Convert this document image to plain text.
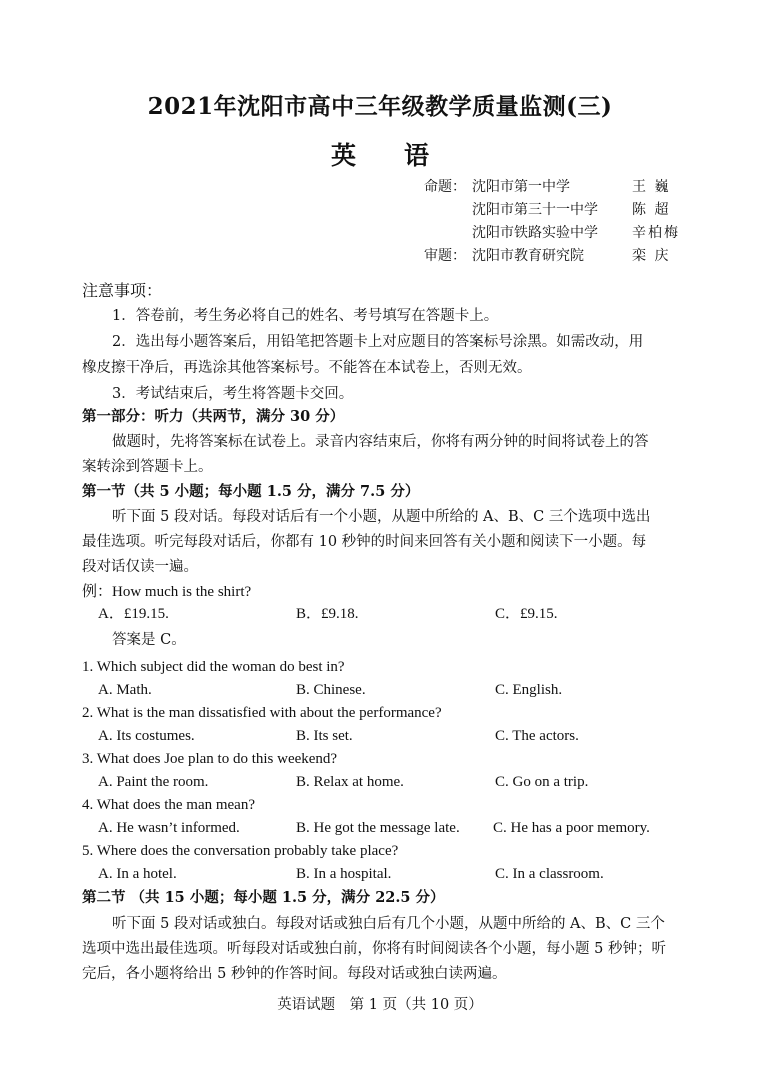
2021年沈阳市高中三年级教学质量监测(三)
英语
命题： 沈阳市第一中学	王 巍
沈阳市第三十一中学 陈 超
沈阳市铁路实验中学 辛柏梅
审题： 沈阳市教育研究院	栾 庆
注意事项：
1．答卷前，考生务必将自己的姓名、考号填写在答题卡上。
2．选出每小题答案后，用铅笔把答题卡上对应题目的答案标号涂黑。如需改动，用
橡皮擦干净后，再选涂其他答案标号。不能答在本试卷上，否则无效。
3．考试结束后，考生将答题卡交回。
第一部分：听力（共两节，满分 30 分）
做题时，先将答案标在试卷上。录音内容结束后，你将有两分钟的时间将试卷上的答
案转涂到答题卡上。
第一节（共 5 小题；每小题 1.5 分，满分 7.5 分）
听下面 5 段对话。每段对话后有一个小题，从题中所给的 A、B、C 三个选项中选出
最佳选项。听完每段对话后，你都有 10 秒钟的时间来回答有关小题和阅读下一小题。每
段对话仅读一遍。
例：How much is the shirt?
A．£19.15.	B．£9.18.	C．£9.15.
答案是 C。
1. Which subject did the woman do best in?
A. Math.	B. Chinese.	C. English.
2. What is the man dissatisfied with about the performance?
A. Its costumes.	B. Its set.	C. The actors.
3. What does Joe plan to do this weekend?
A. Paint the room.	B. Relax at home.	C. Go on a trip.
4. What does the man mean?
A. He wasn’t informed.	B. He got the message late. C. He has a poor memory.
5. Where does the conversation probably take place?
A. In a hotel.	B. In a hospital.	C. In a classroom.
第二节 （共 15 小题；每小题 1.5 分，满分 22.5 分）
听下面 5 段对话或独白。每段对话或独白后有几个小题，从题中所给的 A、B、C 三个
选项中选出最佳选项。听每段对话或独白前，你将有时间阅读各个小题，每小题 5 秒钟；听
完后，各小题将给出 5 秒钟的作答时间。每段对话或独白读两遍。
英语试题　第 1 页（共 10 页）
